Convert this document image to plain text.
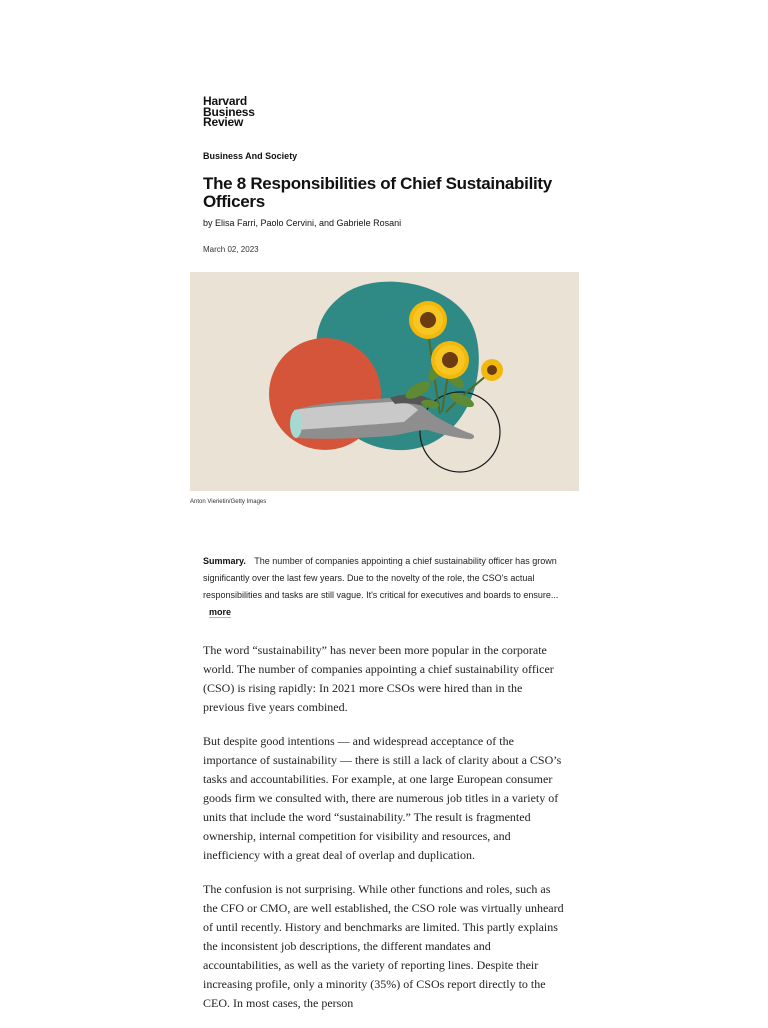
Harvard
Business
Review
Business And Society
The 8 Responsibilities of Chief Sustainability Officers
by Elisa Farri, Paolo Cervini, and Gabriele Rosani
March 02, 2023
Anton Vierietin/Getty Images
Summary. The number of companies appointing a chief sustainability officer has grown significantly over the last few years. Due to the novelty of the role, the CSO's actual responsibilities and tasks are still vague. It's critical for executives and boards to ensure... more

The word “sustainability” has never been more popular in the corporate world. The number of companies appointing a chief sustainability officer (CSO) is rising rapidly: In 2021 more CSOs were hired than in the previous five years combined.

But despite good intentions — and widespread acceptance of the importance of sustainability — there is still a lack of clarity about a CSO’s tasks and accountabilities. For example, at one large European consumer goods firm we consulted with, there are numerous job titles in a variety of units that include the word “sustainability.” The result is fragmented ownership, internal competition for visibility and resources, and inefficiency with a great deal of overlap and duplication.

The confusion is not surprising. While other functions and roles, such as the CFO or CMO, are well established, the CSO role was virtually unheard of until recently. History and benchmarks are limited. This partly explains the inconsistent job descriptions, the different mandates and accountabilities, as well as the variety of reporting lines. Despite their increasing profile, only a minority (35%) of CSOs report directly to the CEO. In most cases, the person
